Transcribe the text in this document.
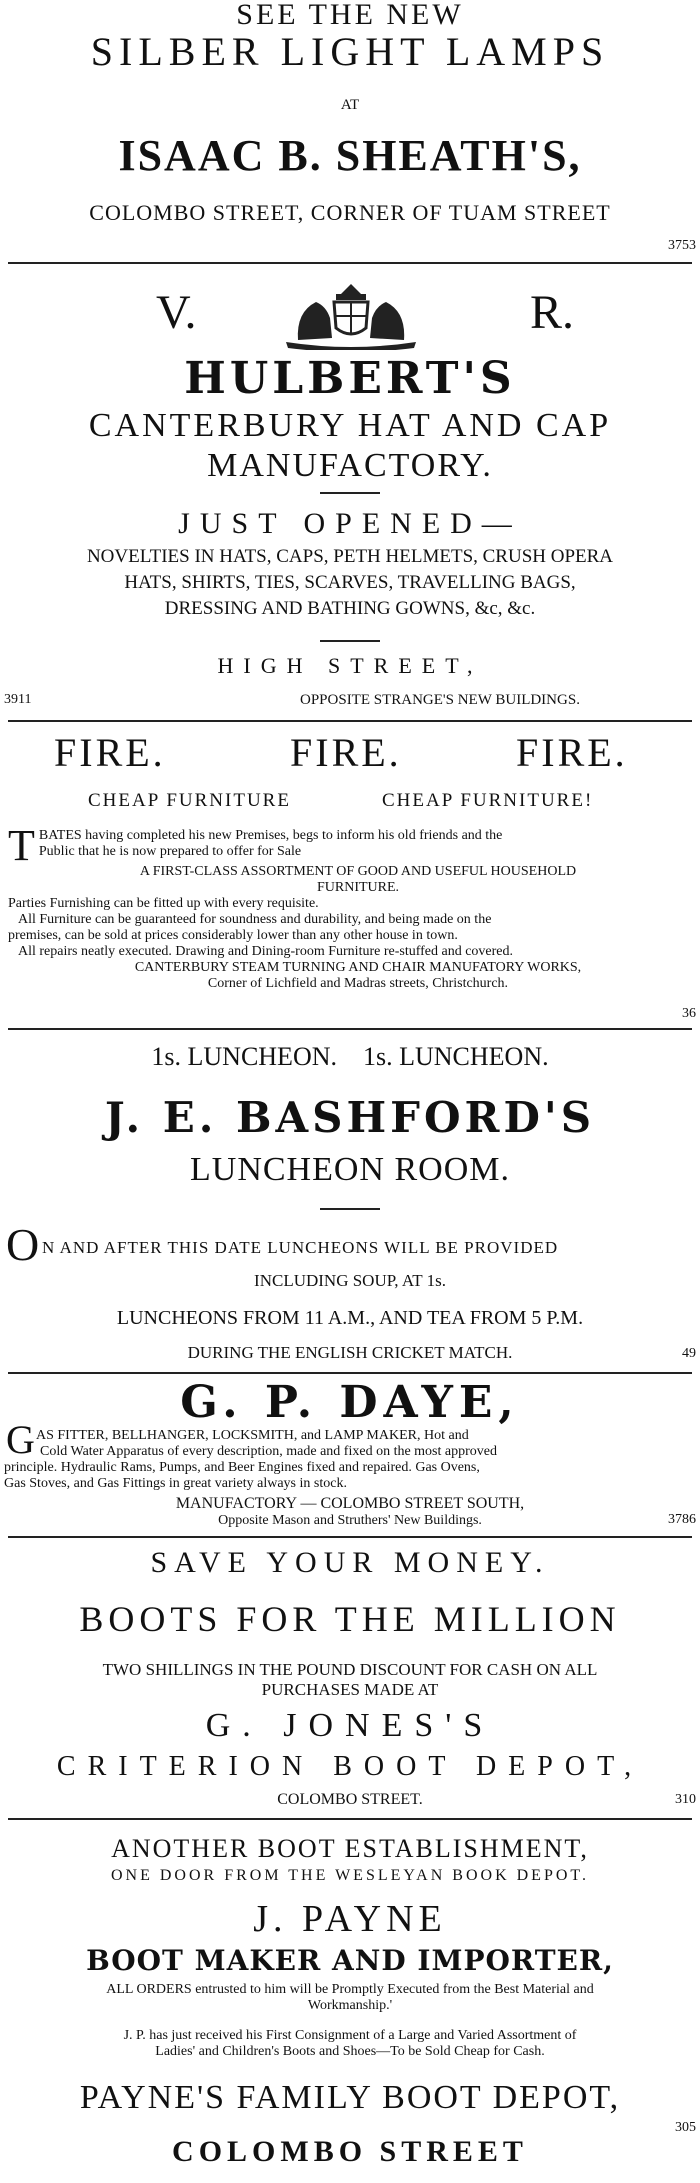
SEE THE NEW
SILBER LIGHT LAMPS
AT
ISAAC B. SHEATH'S,
COLOMBO STREET, CORNER OF TUAM STREET
3753
V.	R.
HULBERT'S
CANTERBURY HAT AND CAP
MANUFACTORY.
JUST OPENED—
NOVELTIES IN HATS, CAPS, PETH HELMETS, CRUSH OPERA
HATS, SHIRTS, TIES, SCARVES, TRAVELLING BAGS,
DRESSING AND BATHING GOWNS, &c, &c.
HIGH STREET,
3911	OPPOSITE STRANGE'S NEW BUILDINGS.
FIRE.	FIRE.	FIRE.
CHEAP FURNITURE	CHEAP FURNITURE!
T BATES having completed his new Premises, begs to inform his old friends and the

Public that he is now prepared to offer for Sale

A FIRST-CLASS ASSORTMENT OF GOOD AND USEFUL HOUSEHOLD

FURNITURE.

Parties Furnishing can be fitted up with every requisite.

All Furniture can be guaranteed for soundness and durability, and being made on the

premises, can be sold at prices considerably lower than any other house in town.

All repairs neatly executed. Drawing and Dining-room Furniture re-stuffed and covered.

CANTERBURY STEAM TURNING AND CHAIR MANUFATORY WORKS,

Corner of Lichfield and Madras streets, Christchurch.

36
1s. LUNCHEON.    1s. LUNCHEON.
J. E. BASHFORD'S
LUNCHEON ROOM.
O N AND AFTER THIS DATE LUNCHEONS WILL BE PROVIDED
INCLUDING SOUP, AT 1s.
LUNCHEONS FROM 11 A.M., AND TEA FROM 5 P.M.
DURING THE ENGLISH CRICKET MATCH.	49
G. P. DAYE,
G AS FITTER, BELLHANGER, LOCKSMITH, and LAMP MAKER, Hot and
Cold Water Apparatus of every description, made and fixed on the most approved
principle. Hydraulic Rams, Pumps, and Beer Engines fixed and repaired. Gas Ovens,
Gas Stoves, and Gas Fittings in great variety always in stock.
MANUFACTORY — COLOMBO STREET SOUTH,
Opposite Mason and Struthers' New Buildings.	3786
SAVE YOUR MONEY.
BOOTS FOR THE MILLION
TWO SHILLINGS IN THE POUND DISCOUNT FOR CASH ON ALL
PURCHASES MADE AT
G. JONES'S
CRITERION BOOT DEPOT,
COLOMBO STREET.	310
ANOTHER BOOT ESTABLISHMENT,
ONE DOOR FROM THE WESLEYAN BOOK DEPOT.
J. PAYNE
BOOT MAKER AND IMPORTER,
ALL ORDERS entrusted to him will be Promptly Executed from the Best Material and
Workmanship.'
J. P. has just received his First Consignment of a Large and Varied Assortment of
Ladies' and Children's Boots and Shoes—To be Sold Cheap for Cash.
PAYNE'S FAMILY BOOT DEPOT,
COLOMBO STREET
305
